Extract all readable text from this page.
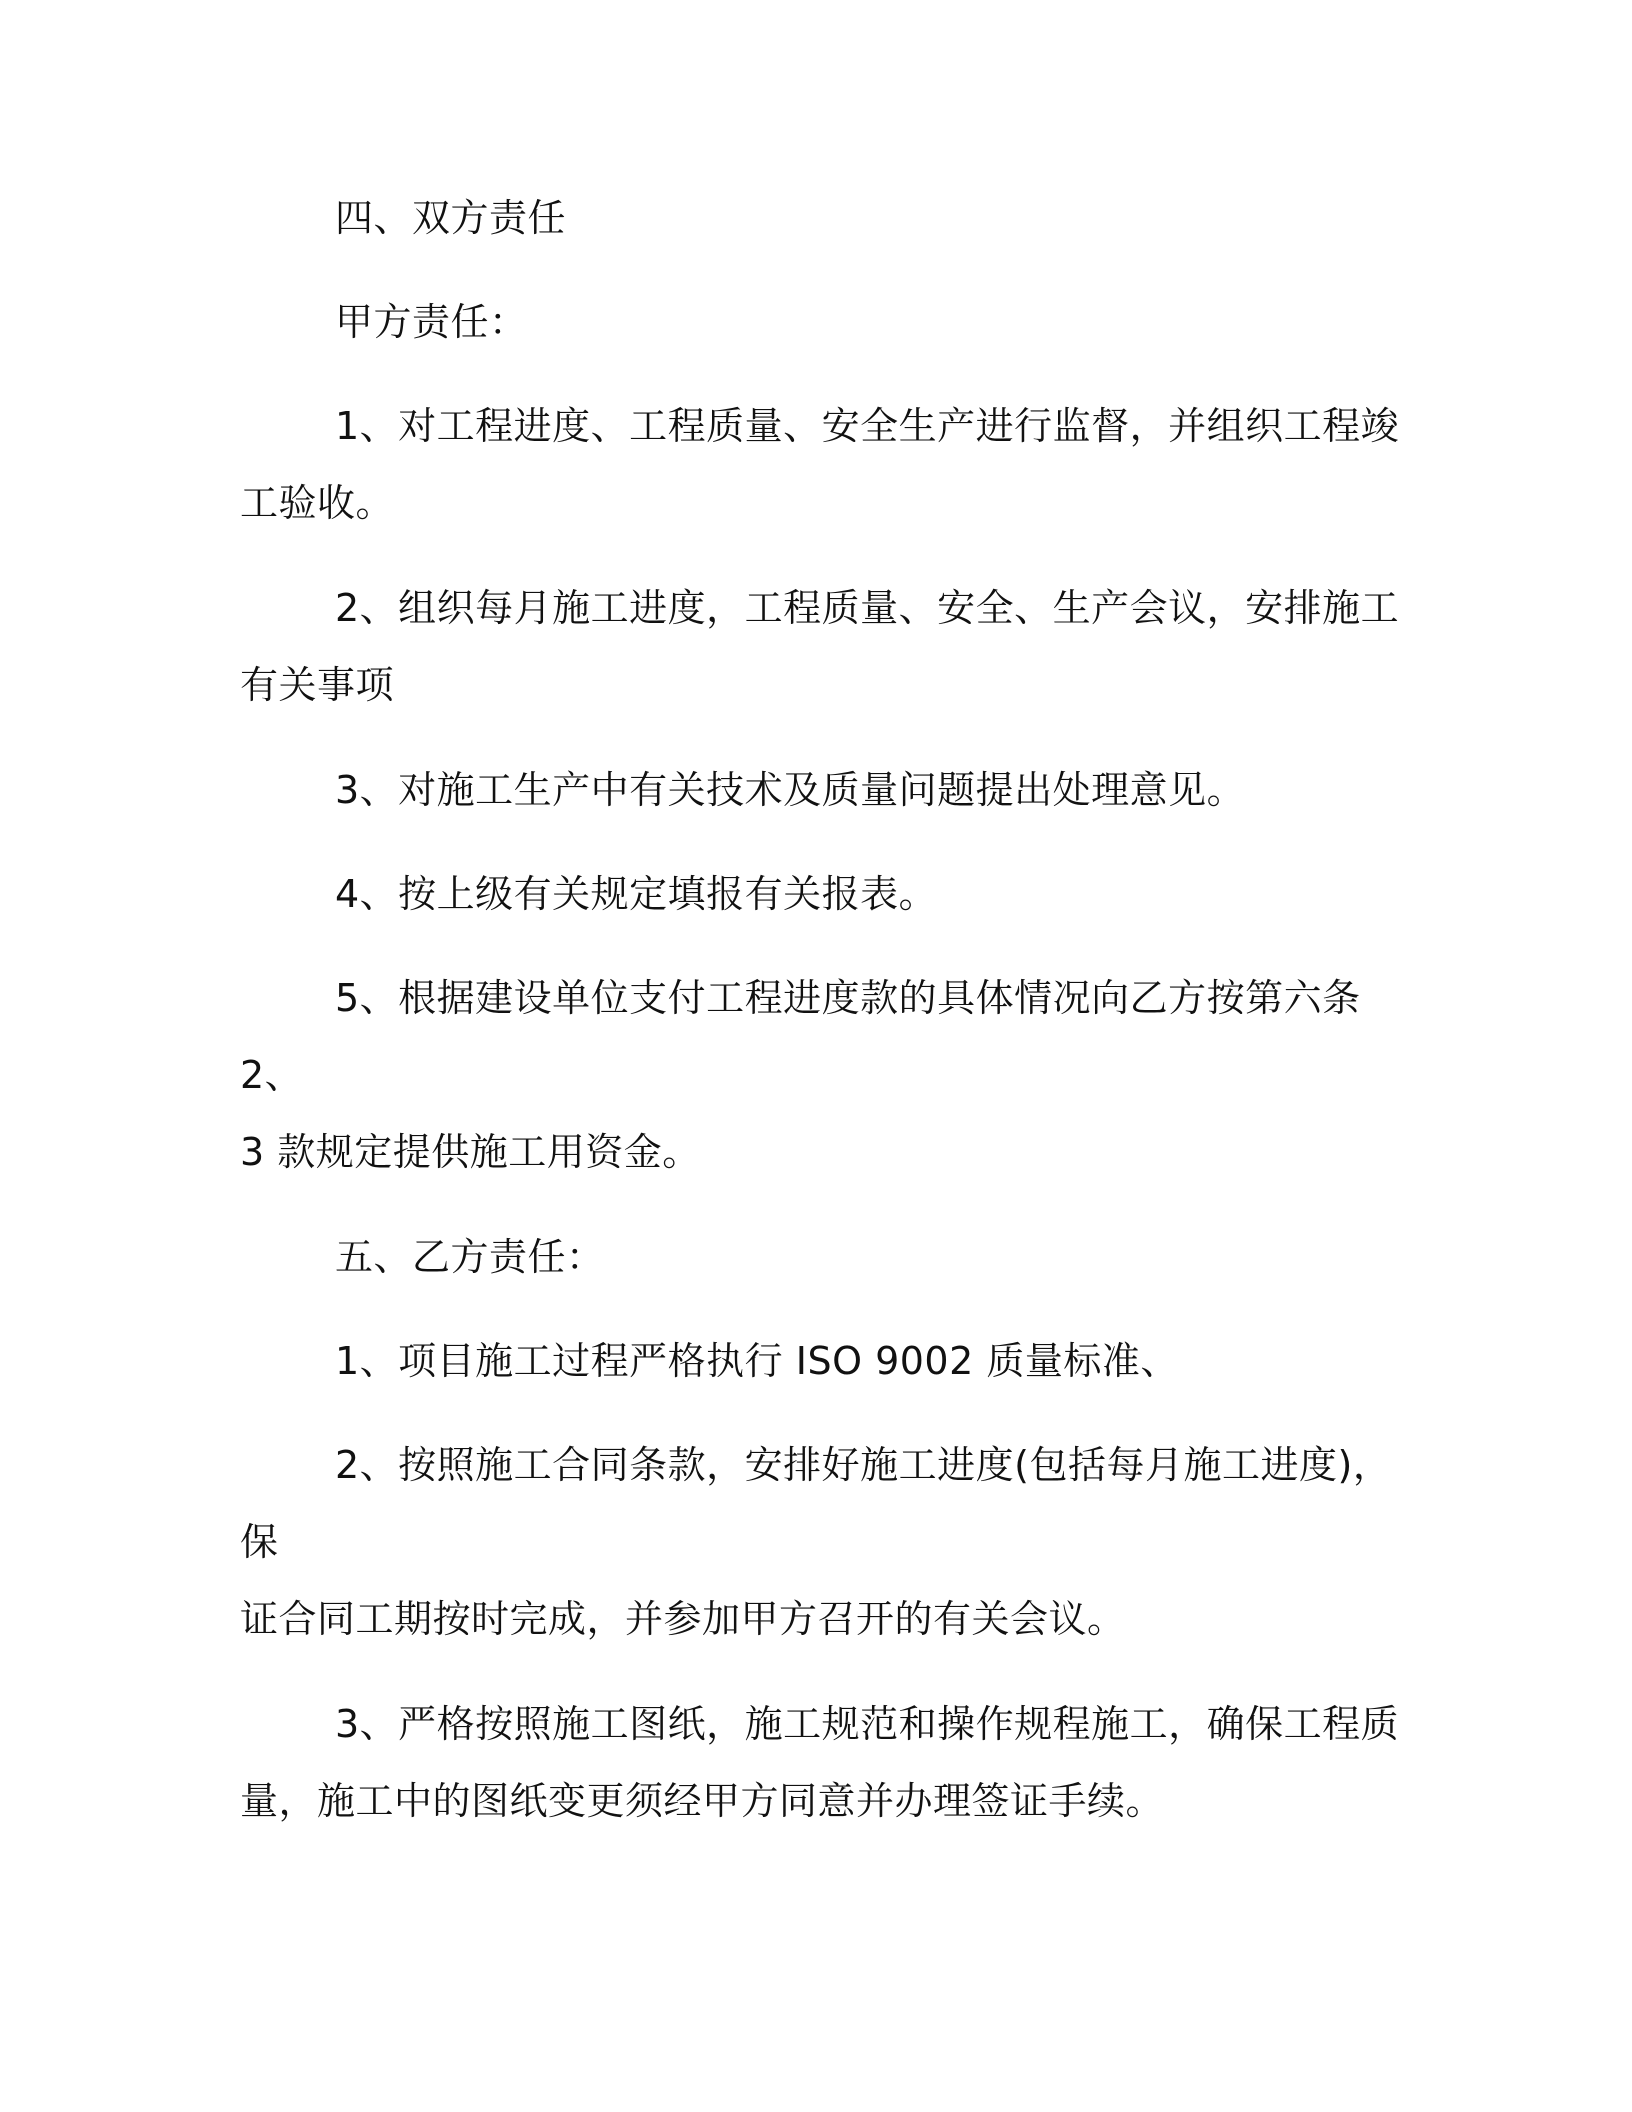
四、双方责任

甲方责任：

1、对工程进度、工程质量、安全生产进行监督，并组织工程竣

工验收。

2、组织每月施工进度，工程质量、安全、生产会议，安排施工

有关事项

3、对施工生产中有关技术及质量问题提出处理意见。

4、按上级有关规定填报有关报表。

5、根据建设单位支付工程进度款的具体情况向乙方按第六条 2、

3 款规定提供施工用资金。

五、乙方责任：

1、项目施工过程严格执行 ISO 9002 质量标准、

2、按照施工合同条款，安排好施工进度(包括每月施工进度)，保

证合同工期按时完成，并参加甲方召开的有关会议。

3、严格按照施工图纸，施工规范和操作规程施工，确保工程质

量，施工中的图纸变更须经甲方同意并办理签证手续。
